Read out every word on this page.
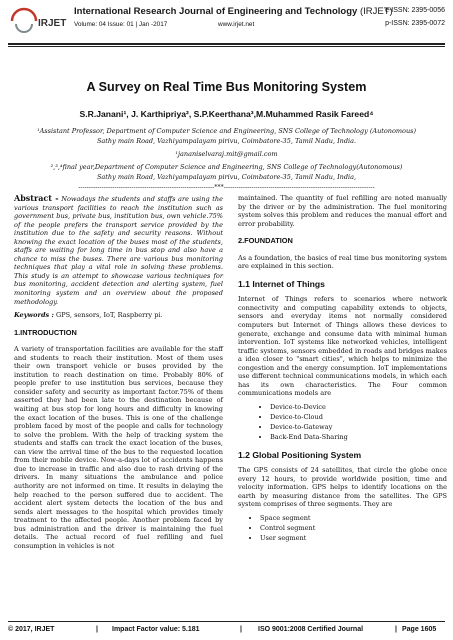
IRJET
International Research Journal of Engineering and Technology (IRJET)
e-ISSN: 2395-0056
Volume: 04 Issue: 01 | Jan -2017	www.irjet.net	p-ISSN: 2395-0072
A Survey on Real Time Bus Monitoring System
S.R.Janani¹, J. Karthipriya², S.P.Keerthana³,M.Muhammed Rasik Fareed⁴
¹Assistant Professor, Department of Computer Science and Engineering, SNS College of Technology (Autonomous)
Sathy main Road, Vazhiyampalayam pirivu, Coimbatore-35, Tamil Nadu, India.
¹jananiselvaraj.mit@gmail.com
²,³,⁴final year,Department of Computer Science and Engineering, SNS College of Technology(Autonomous)
Sathy main Road, Vazhiyampalayam pirivu, Coimbatore-35, Tamil Nadu, India,
----------------------------------------------------------------***-----------------------------------------------------------------------

Abstract - Nowadays the students and staffs are using the various transport facilities to reach the institution such as government bus, private bus, institution bus, own vehicle.75% of the people prefers the transport service provided by the institution due to the safety and security reasons. Without knowing the exact location of the buses most of the students, staffs are waiting for long time in bus stop and also have a chance to miss the buses. There are various bus monitoring techniques that play a vital role in solving these problems. This study is an attempt to showcase various techniques for bus monitoring, accident detection and alerting system, fuel monitoring system and an overview about the proposed methodology.

Keywords : GPS, sensors, IoT, Raspberry pi.

1.INTRODUCTION

A variety of transportation facilities are available for the staff and students to reach their institution. Most of them uses their own transport vehicle or buses provided by the institution to reach destination on time. Probably 80% of people prefer to use institution bus services, because they consider safety and security as important factor.75% of them asserted they had been late to the destination because of waiting at bus stop for long hours and difficulty in knowing the exact location of the buses. This is one of the challenge problem faced by most of the people and calls for technology to solve the problem. With the help of tracking system the students and staffs can track the exact location of the buses, can view the arrival time of the bus to the requested location from their mobile device. Now-a-days lot of accidents happens due to increase in traffic and also due to rash driving of the drivers. In many situations the ambulance and police authority are not informed on time. It results in delaying the help reached to the person suffered due to accident. The accident alert system detects the location of the bus and sends alert messages to the hospital which provides timely treatment to the affected people. Another problem faced by bus administration and the driver is maintaining the fuel details. The actual record of fuel refilling and fuel consumption in vehicles is not

maintained. The quantity of fuel refilling are noted manually by the driver or by the administration. The fuel monitoring system solves this problem and reduces the manual effort and error probability.

2.FOUNDATION

As a foundation, the basics of real time bus monitoring system are explained in this section.

1.1 Internet of Things

Internet of Things refers to scenarios where network connectivity and computing capability extends to objects, sensors and everyday items not normally considered computers but Internet of Things allows these devices to generate, exchange and consume data with minimal human intervention. IoT systems like networked vehicles, intelligent traffic systems, sensors embedded in roads and bridges makes a idea closer to "smart cities", which helps to minimize the congestion and the energy consumption. IoT implementations use different technical communications models, in which each has its own characteristics. The Four common communications models are

• Device-to-Device
• Device-to-Cloud
• Device-to-Gateway
• Back-End Data-Sharing
1.2 Global Positioning System

The GPS consists of 24 satellites, that circle the globe once every 12 hours, to provide worldwide position, time and velocity information. GPS helps to identify locations on the earth by measuring distance from the satellites. The GPS system comprises of three segments. They are

• Space segment
• Control segment
• User segment
© 2017, IRJET	| Impact Factor value: 5.181	| ISO 9001:2008 Certified Journal	| Page 1605
